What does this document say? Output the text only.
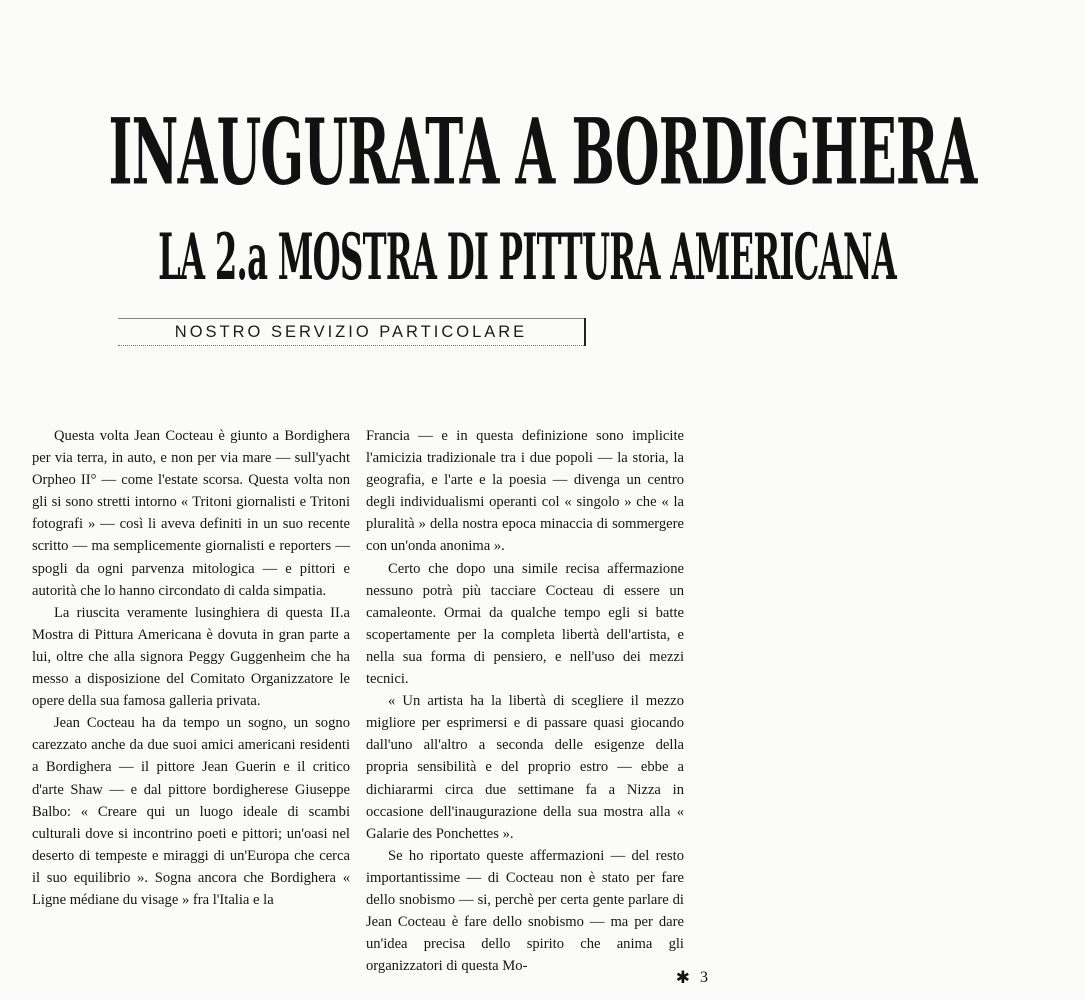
INAUGURATA A BORDIGHERA
LA 2.a MOSTRA DI PITTURA AMERICANA
NOSTRO SERVIZIO PARTICOLARE

Questa volta Jean Cocteau è giunto a Bordighera per via terra, in auto, e non per via mare — sull'yacht Orpheo II° — come l'estate scorsa. Questa volta non gli si sono stretti intorno « Tritoni giornalisti e Tritoni fotografi » — così li aveva definiti in un suo recente scritto — ma semplicemente giornalisti e reporters — spogli da ogni parvenza mitologica — e pittori e autorità che lo hanno circondato di calda simpatia.

La riuscita veramente lusinghiera di questa II.a Mostra di Pittura Americana è dovuta in gran parte a lui, oltre che alla signora Peggy Guggenheim che ha messo a disposizione del Comitato Organizzatore le opere della sua famosa galleria privata.

Jean Cocteau ha da tempo un sogno, un sogno carezzato anche da due suoi amici americani residenti a Bordighera — il pittore Jean Guerin e il critico d'arte Shaw — e dal pittore bordigherese Giuseppe Balbo: « Creare qui un luogo ideale di scambi culturali dove si incontrino poeti e pittori; un'oasi nel deserto di tempeste e miraggi di un'Europa che cerca il suo equilibrio ». Sogna ancora che Bordighera « Ligne médiane du visage » fra l'Italia e la

Francia — e in questa definizione sono implicite l'amicizia tradizionale tra i due popoli — la storia, la geografia, e l'arte e la poesia — divenga un centro degli individualismi operanti col « singolo » che « la pluralità » della nostra epoca minaccia di sommergere con un'onda anonima ».

Certo che dopo una simile recisa affermazione nessuno potrà più tacciare Cocteau di essere un camaleonte. Ormai da qualche tempo egli si batte scopertamente per la completa libertà dell'artista, e nella sua forma di pensiero, e nell'uso dei mezzi tecnici.

« Un artista ha la libertà di scegliere il mezzo migliore per esprimersi e di passare quasi giocando dall'uno all'altro a seconda delle esigenze della propria sensibilità e del proprio estro — ebbe a dichiararmi circa due settimane fa a Nizza in occasione dell'inaugurazione della sua mostra alla « Galarie des Ponchettes ».

Se ho riportato queste affermazioni — del resto importantissime — di Cocteau non è stato per fare dello snobismo — si, perchè per certa gente parlare di Jean Cocteau è fare dello snobismo — ma per dare un'idea precisa dello spirito che anima gli organizzatori di questa Mo-

✱ 3
